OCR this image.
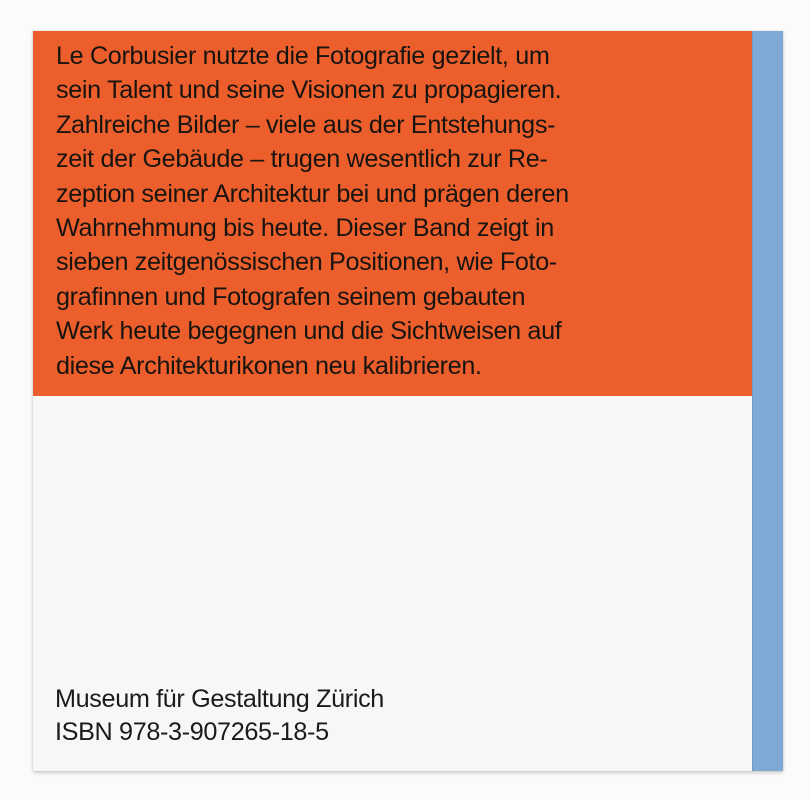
Le Corbusier nutzte die Fotografie gezielt, um
sein Talent und seine Visionen zu propagieren.
Zahlreiche Bilder – viele aus der Entstehungs-
zeit der Gebäude – trugen wesentlich zur Re-
zeption seiner Architektur bei und prägen deren
Wahrnehmung bis heute. Dieser Band zeigt in
sieben zeitgenössischen Positionen, wie Foto-
grafinnen und Fotografen seinem gebauten
Werk heute begegnen und die Sichtweisen auf
diese Architekturikonen neu kalibrieren.

Museum für Gestaltung Zürich
ISBN 978-3-907265-18-5
